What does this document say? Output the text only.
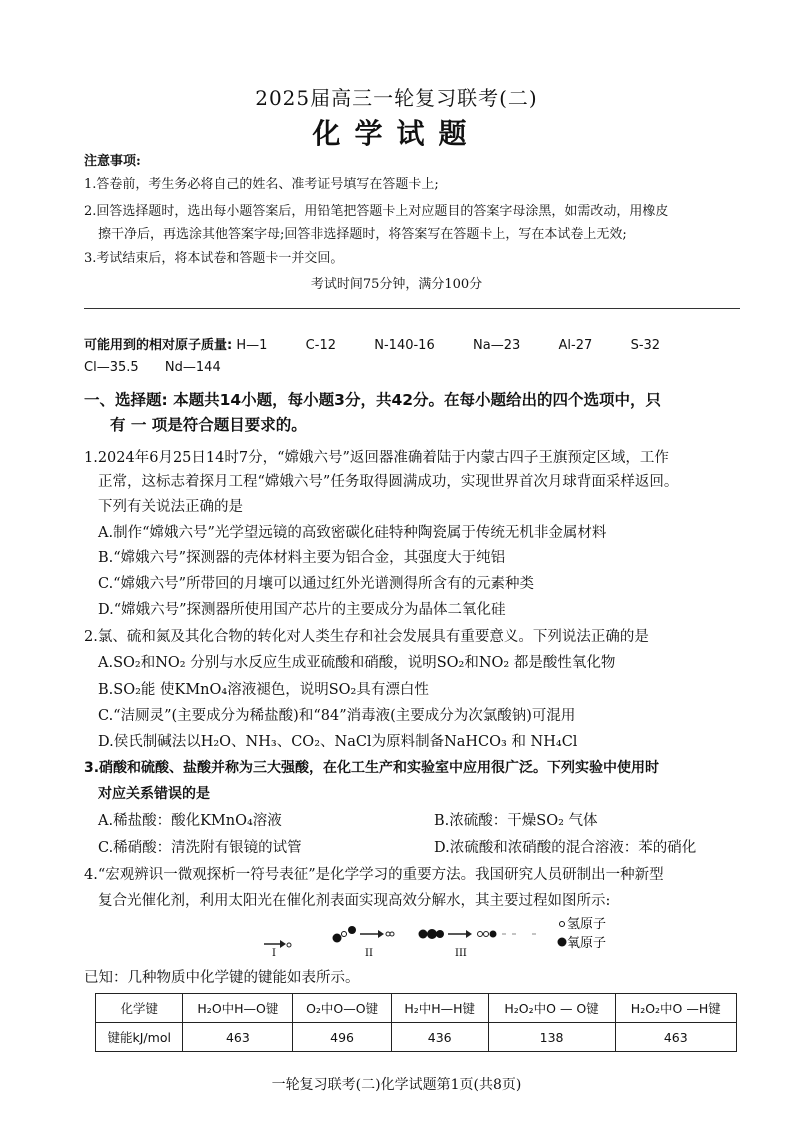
2025届高三一轮复习联考(二)
化学试题
注意事项:
1.答卷前，考生务必将自己的姓名、准考证号填写在答题卡上;
2.回答选择题时，选出每小题答案后，用铅笔把答题卡上对应题目的答案字母涂黑，如需改动，用橡皮
擦干净后，再选涂其他答案字母;回答非选择题时，将答案写在答题卡上，写在本试卷上无效;
3.考试结束后，将本试卷和答题卡一并交回。
考试时间75分钟，满分100分
可能用到的相对原子质量: H—1	C-12	N-140-16	Na—23	Al-27	S-32
Cl—35.5 Nd—144
一、选择题: 本题共14小题，每小题3分，共42分。在每小题给出的四个选项中，只
有 一 项是符合题目要求的。
1.2024年6月25日14时7分，“嫦娥六号”返回器准确着陆于内蒙古四子王旗预定区域，工作
正常，这标志着探月工程“嫦娥六号”任务取得圆满成功，实现世界首次月球背面采样返回。
下列有关说法正确的是
A.制作“嫦娥六号”光学望远镜的高致密碳化硅特种陶瓷属于传统无机非金属材料
B.“嫦娥六号”探测器的壳体材料主要为铝合金，其强度大于纯铝
C.“嫦娥六号”所带回的月壤可以通过红外光谱测得所含有的元素种类
D.“嫦娥六号”探测器所使用国产芯片的主要成分为晶体二氧化硅
2.氯、硫和氮及其化合物的转化对人类生存和社会发展具有重要意义。下列说法正确的是
A.SO₂和NO₂ 分别与水反应生成亚硫酸和硝酸，说明SO₂和NO₂ 都是酸性氧化物
B.SO₂能 使KMnO₄溶液褪色，说明SO₂具有漂白性
C.“洁厕灵”(主要成分为稀盐酸)和“84”消毒液(主要成分为次氯酸钠)可混用
D.侯氏制碱法以H₂O、NH₃、CO₂、NaCl为原料制备NaHCO₃ 和 NH₄Cl
3.硝酸和硫酸、盐酸并称为三大强酸，在化工生产和实验室中应用很广泛。下列实验中使用时
对应关系错误的是
A.稀盐酸：酸化KMnO₄溶液	B.浓硫酸：干燥SO₂ 气体
C.稀硝酸：清洗附有银镜的试管	D.浓硫酸和浓硝酸的混合溶液：苯的硝化
4.“宏观辨识一微观探析一符号表征”是化学学习的重要方法。我国研究人员研制出一种新型
复合光催化剂，利用太阳光在催化剂表面实现高效分解水，其主要过程如图所示:
I	II	III
氢原子
氧原子
已知：几种物质中化学键的键能如表所示。
化学键	H₂O中H—O键	O₂中O—O键	H₂中H—H键	H₂O₂中O — O键	H₂O₂中O —H键
键能kJ/mol	463	496	436	138	463
一轮复习联考(二)化学试题第1页(共8页)
